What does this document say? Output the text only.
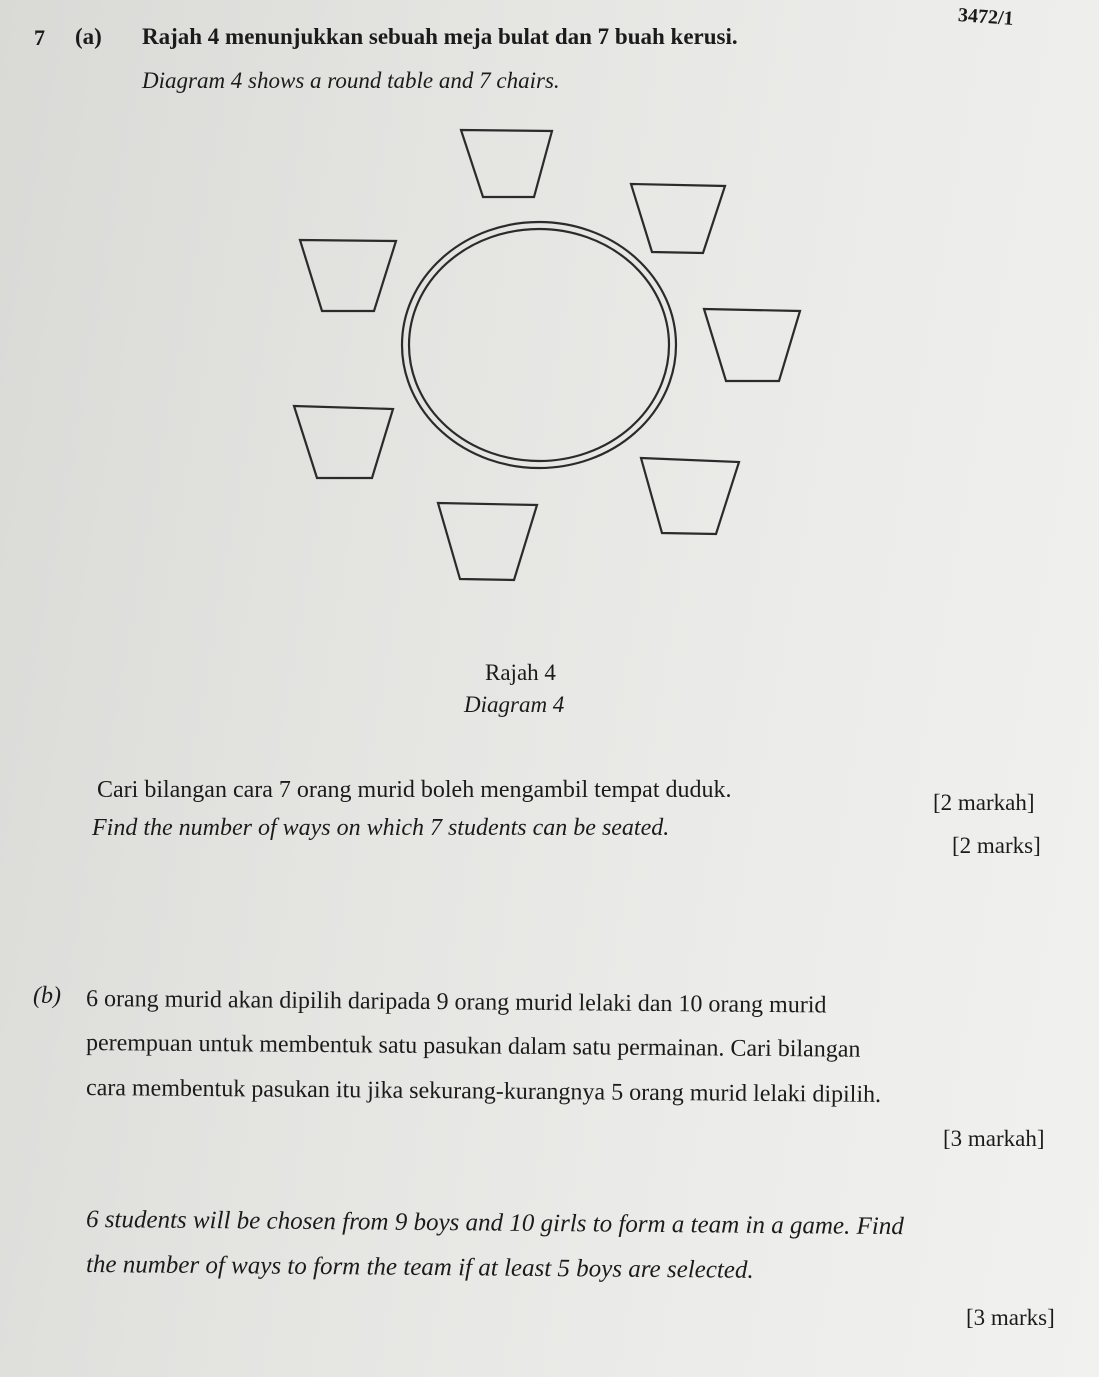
3472/1
7 (a) Rajah 4 menunjukkan sebuah meja bulat dan 7 buah kerusi.
Diagram 4 shows a round table and 7 chairs.
Rajah 4
Diagram 4
Cari bilangan cara 7 orang murid boleh mengambil tempat duduk.	[2 markah]
Find the number of ways on which 7 students can be seated.
[2 marks]
(b) 6 orang murid akan dipilih daripada 9 orang murid lelaki dan 10 orang murid
perempuan untuk membentuk satu pasukan dalam satu permainan. Cari bilangan
cara membentuk pasukan itu jika sekurang-kurangnya 5 orang murid lelaki dipilih.
[3 markah]
6 students will be chosen from 9 boys and 10 girls to form a team in a game. Find
the number of ways to form the team if at least 5 boys are selected.
[3 marks]
